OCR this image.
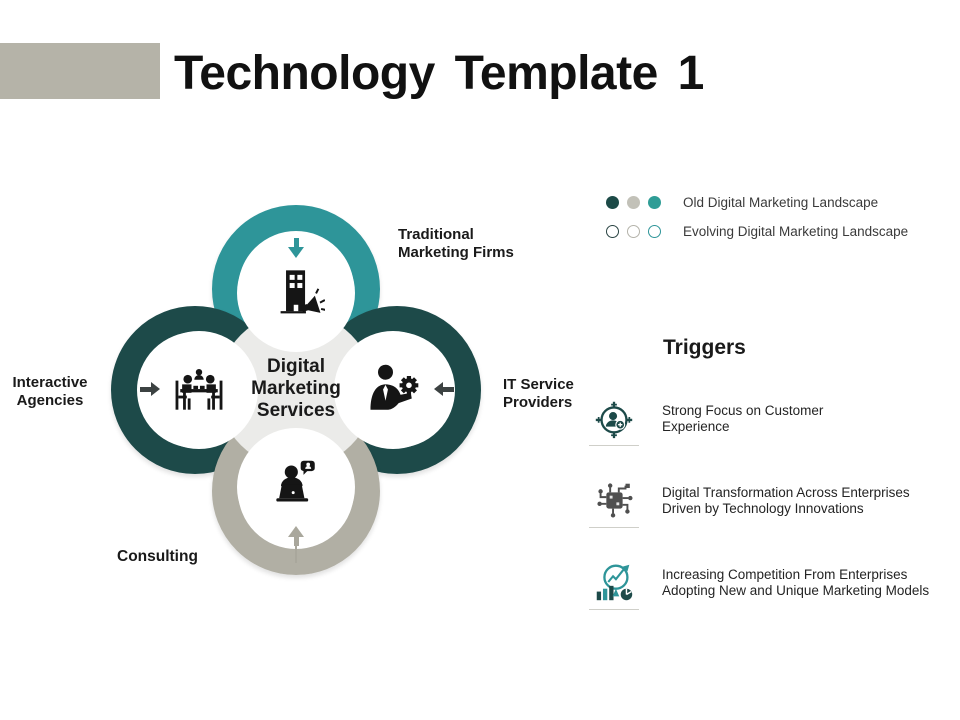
Technology Template 1
Digital
Marketing
Services
Traditional
Marketing Firms
Interactive
Agencies
IT Service
Providers
Consulting
Old Digital Marketing Landscape
Evolving Digital Marketing Landscape
Triggers
Strong Focus on Customer
Experience
Digital Transformation Across Enterprises
Driven by Technology Innovations
Increasing Competition From Enterprises
Adopting New and Unique Marketing Models
